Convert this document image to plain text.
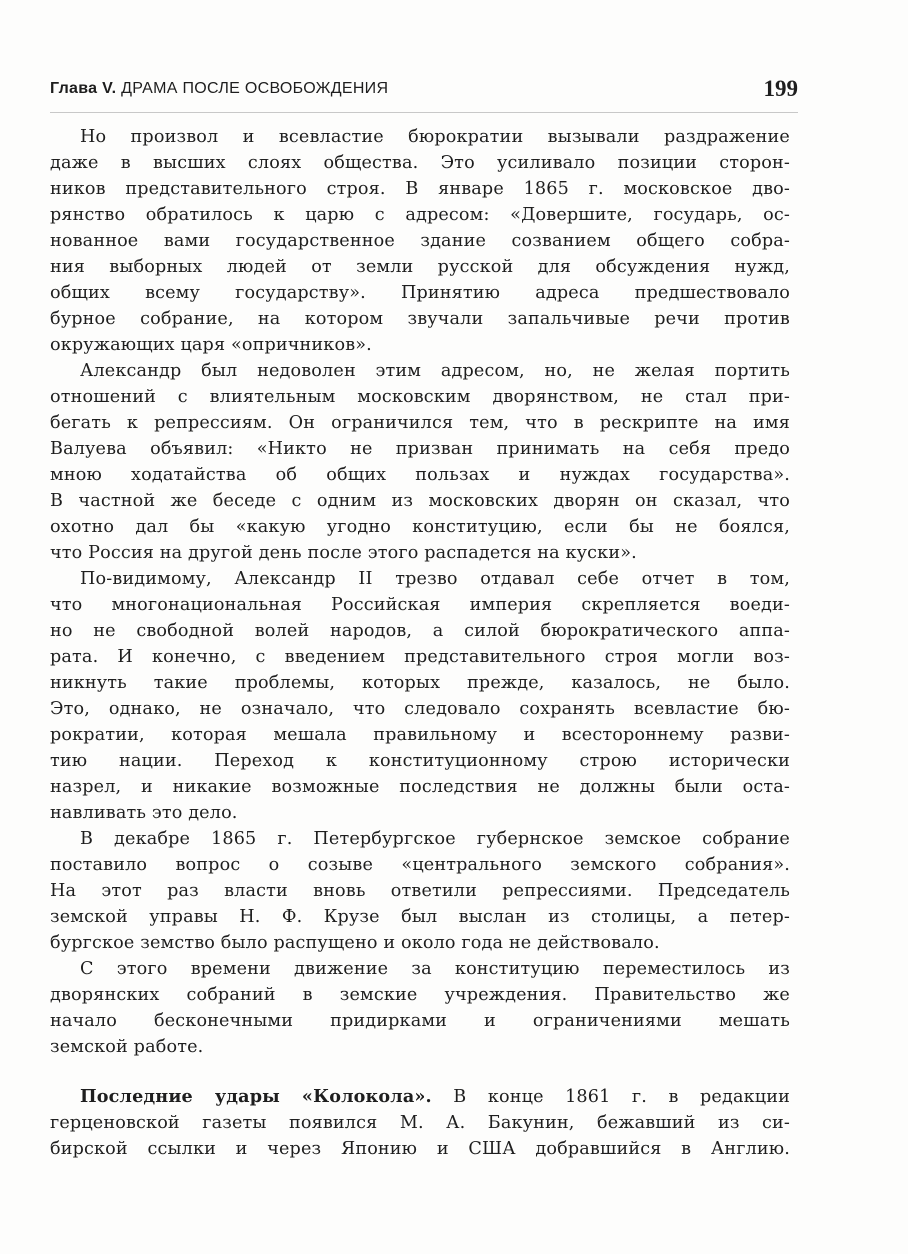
Глава V. ДРАМА ПОСЛЕ ОСВОБОЖДЕНИЯ	199
Но произвол и всевластие бюрократии вызывали раздражение
даже в высших слоях общества. Это усиливало позиции сторон-
ников представительного строя. В январе 1865 г. московское дво-
рянство обратилось к царю с адресом: «Довершите, государь, ос-
нованное вами государственное здание созванием общего собра-
ния выборных людей от земли русской для обсуждения нужд,
общих всему государству». Принятию адреса предшествовало
бурное собрание, на котором звучали запальчивые речи против
окружающих царя «опричников».
Александр был недоволен этим адресом, но, не желая портить
отношений с влиятельным московским дворянством, не стал при-
бегать к репрессиям. Он ограничился тем, что в рескрипте на имя
Валуева объявил: «Никто не призван принимать на себя предо
мною ходатайства об общих пользах и нуждах государства».
В частной же беседе с одним из московских дворян он сказал, что
охотно дал бы «какую угодно конституцию, если бы не боялся,
что Россия на другой день после этого распадется на куски».
По-видимому, Александр II трезво отдавал себе отчет в том,
что многонациональная Российская империя скрепляется воеди-
но не свободной волей народов, а силой бюрократического аппа-
рата. И конечно, с введением представительного строя могли воз-
никнуть такие проблемы, которых прежде, казалось, не было.
Это, однако, не означало, что следовало сохранять всевластие бю-
рократии, которая мешала правильному и всестороннему разви-
тию нации. Переход к конституционному строю исторически
назрел, и никакие возможные последствия не должны были оста-
навливать это дело.
В декабре 1865 г. Петербургское губернское земское собрание
поставило вопрос о созыве «центрального земского собрания».
На этот раз власти вновь ответили репрессиями. Председатель
земской управы Н. Ф. Крузе был выслан из столицы, а петер-
бургское земство было распущено и около года не действовало.
С этого времени движение за конституцию переместилось из
дворянских собраний в земские учреждения. Правительство же
начало бесконечными придирками и ограничениями мешать
земской работе.
Последние удары «Колокола». В конце 1861 г. в редакции
герценовской газеты появился М. А. Бакунин, бежавший из си-
бирской ссылки и через Японию и США добравшийся в Англию.
